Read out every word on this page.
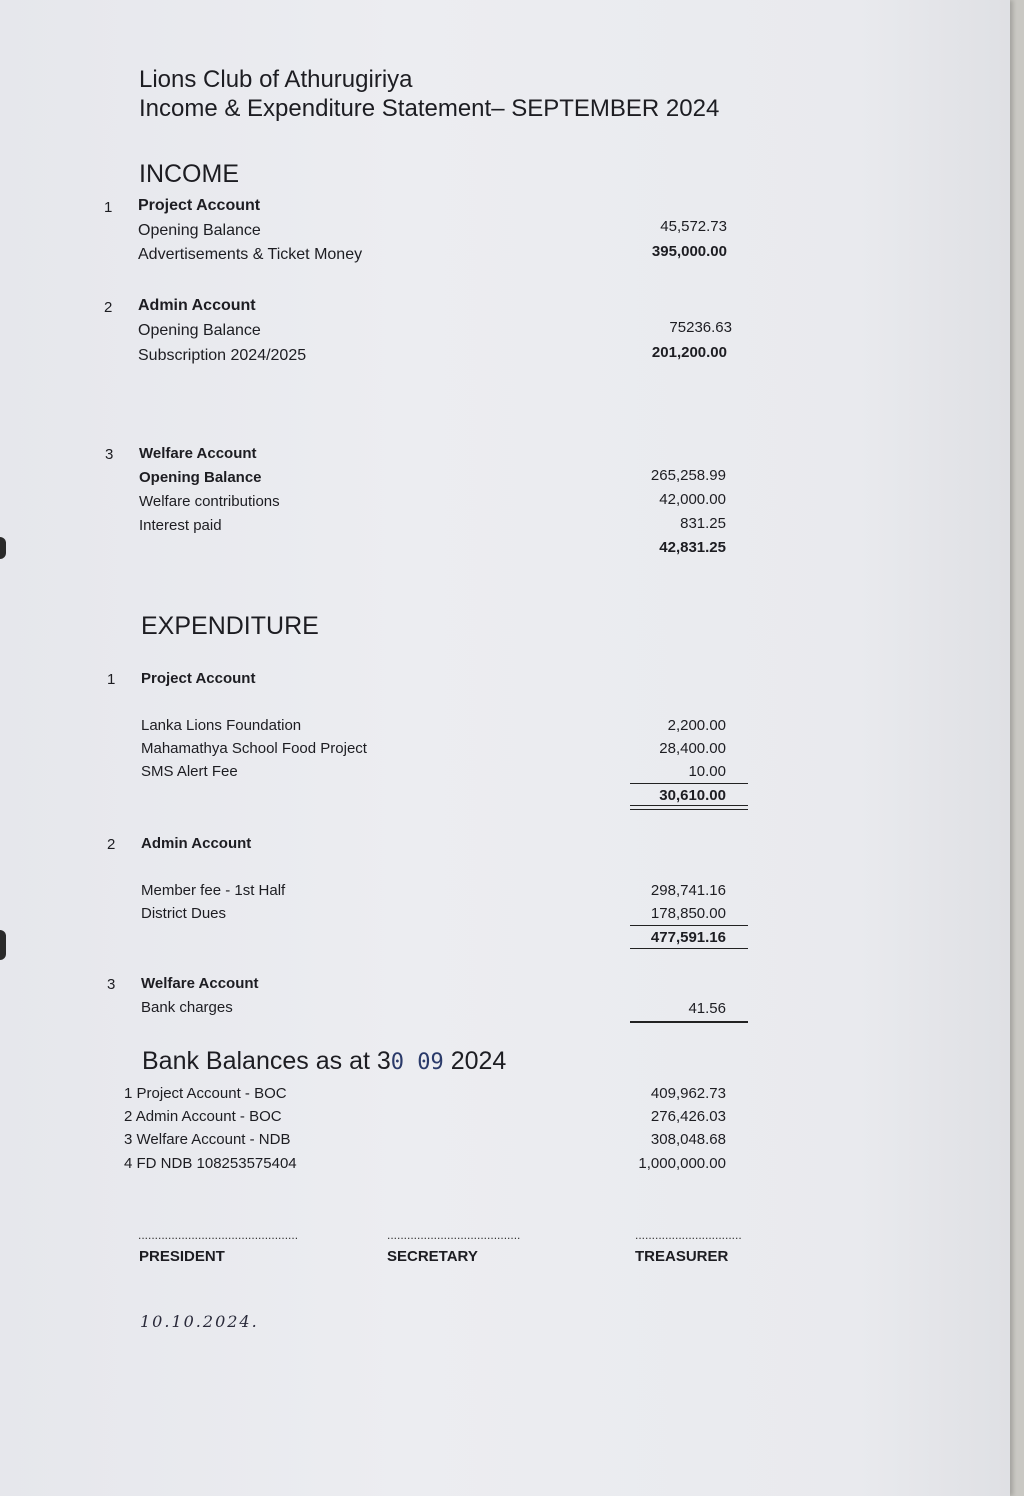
Lions Club of Athurugiriya
Income & Expenditure Statement– SEPTEMBER 2024
INCOME
1 Project Account
Opening Balance	45,572.73
Advertisements & Ticket Money	395,000.00
2 Admin Account
Opening Balance	75236.63
Subscription 2024/2025	201,200.00
3 Welfare Account
Opening Balance	265,258.99
Welfare contributions	42,000.00
Interest paid	831.25
42,831.25
EXPENDITURE
1 Project Account
Lanka Lions Foundation	2,200.00
Mahamathya School Food Project	28,400.00
SMS Alert Fee	10.00
30,610.00
2 Admin Account
Member fee - 1st Half	298,741.16
District Dues	178,850.00
477,591.16
3 Welfare Account
Bank charges	41.56
Bank Balances as at 30 09 2024
1 Project Account - BOC	409,962.73
2 Admin Account - BOC	276,426.03
3 Welfare Account - NDB	308,048.68
4 FD NDB 108253575404	1,000,000.00
................................................	........................................	................................
PRESIDENT	SECRETARY	TREASURER
10.10.2024.
